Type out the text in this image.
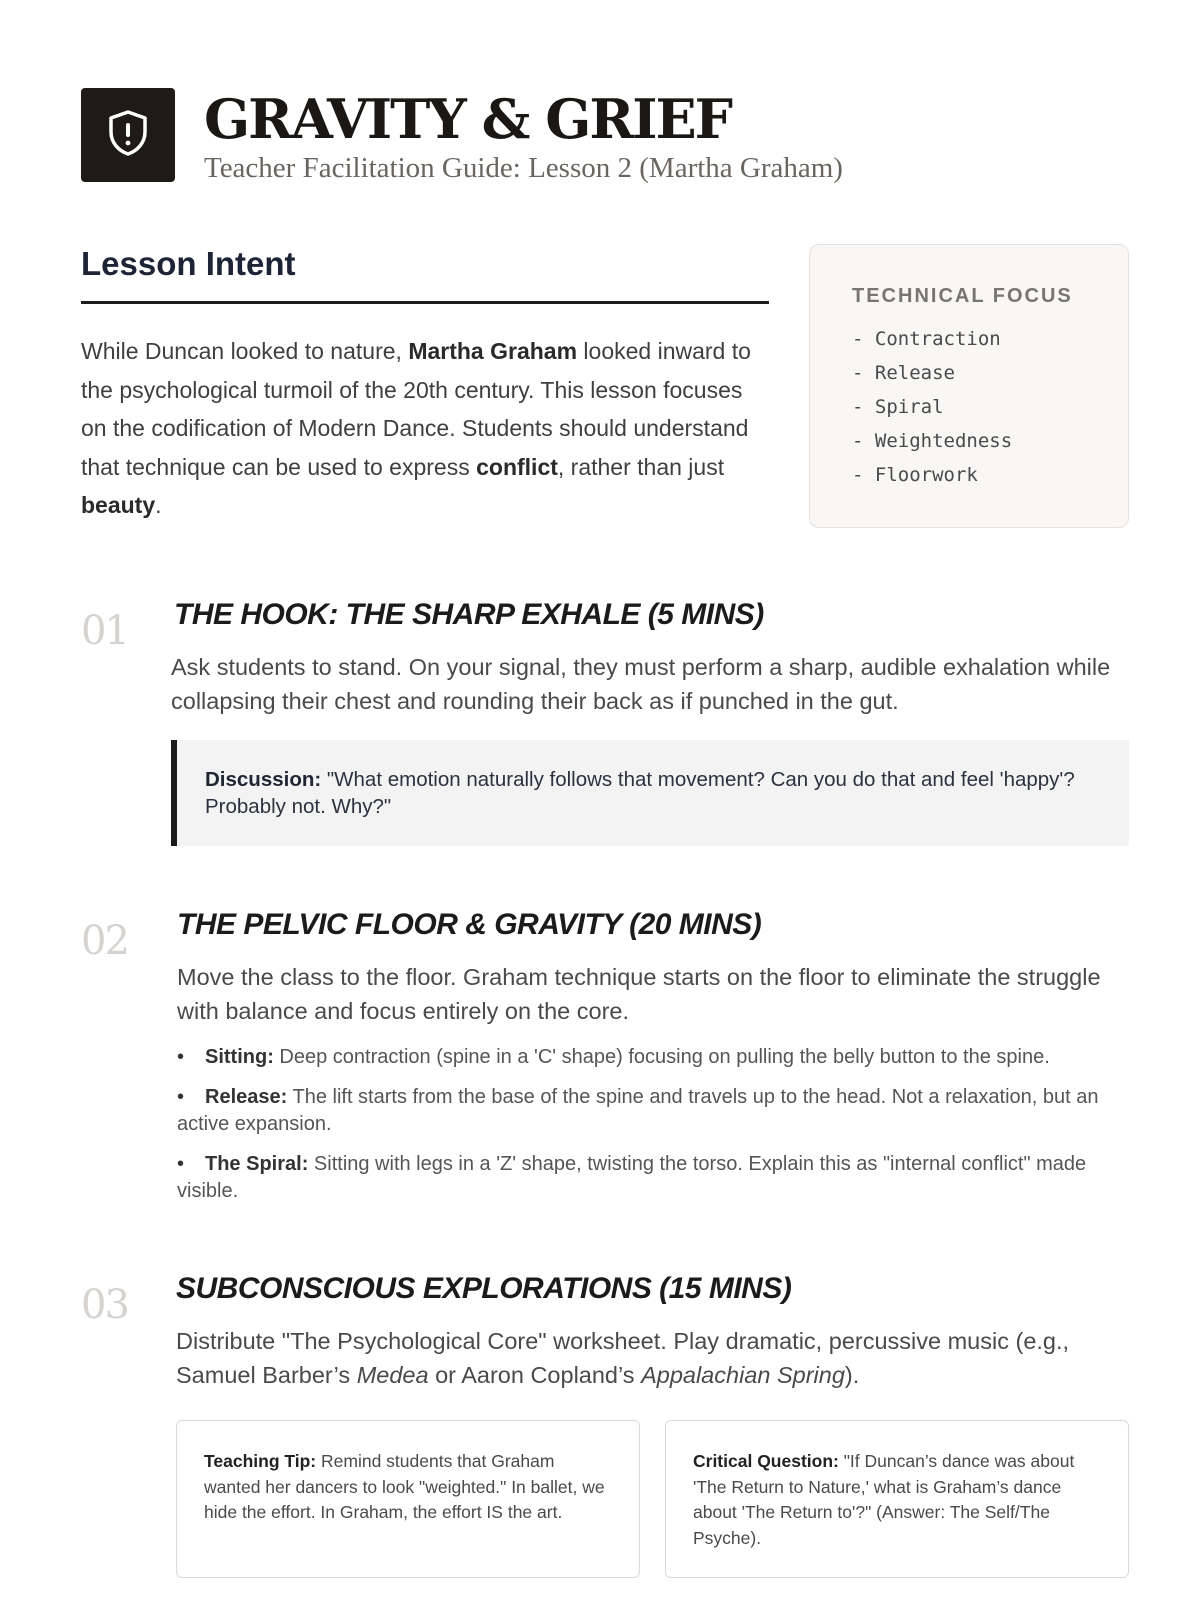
GRAVITY & GRIEF
Teacher Facilitation Guide: Lesson 2 (Martha Graham)
Lesson Intent

While Duncan looked to nature, Martha Graham looked inward to the psychological turmoil of the 20th century. This lesson focuses on the codification of Modern Dance. Students should understand that technique can be used to express conflict, rather than just beauty.

TECHNICAL FOCUS
- Contraction
- Release
- Spiral
- Weightedness
- Floorwork
01 THE HOOK: THE SHARP EXHALE (5 MINS)

Ask students to stand. On your signal, they must perform a sharp, audible exhalation while collapsing their chest and rounding their back as if punched in the gut.

Discussion: "What emotion naturally follows that movement? Can you do that and feel 'happy'? Probably not. Why?"
02 THE PELVIC FLOOR & GRAVITY (20 MINS)

Move the class to the floor. Graham technique starts on the floor to eliminate the struggle with balance and focus entirely on the core.

• Sitting: Deep contraction (spine in a 'C' shape) focusing on pulling the belly button to the spine.
• Release: The lift starts from the base of the spine and travels up to the head. Not a relaxation, but an active expansion.
• The Spiral: Sitting with legs in a 'Z' shape, twisting the torso. Explain this as "internal conflict" made visible.
03 SUBCONSCIOUS EXPLORATIONS (15 MINS)

Distribute "The Psychological Core" worksheet. Play dramatic, percussive music (e.g., Samuel Barber’s Medea or Aaron Copland’s Appalachian Spring).

Teaching Tip: Remind students that Graham wanted her dancers to look "weighted." In ballet, we hide the effort. In Graham, the effort IS the art.
Critical Question: "If Duncan’s dance was about 'The Return to Nature,' what is Graham’s dance about 'The Return to'?" (Answer: The Self/The Psyche).
